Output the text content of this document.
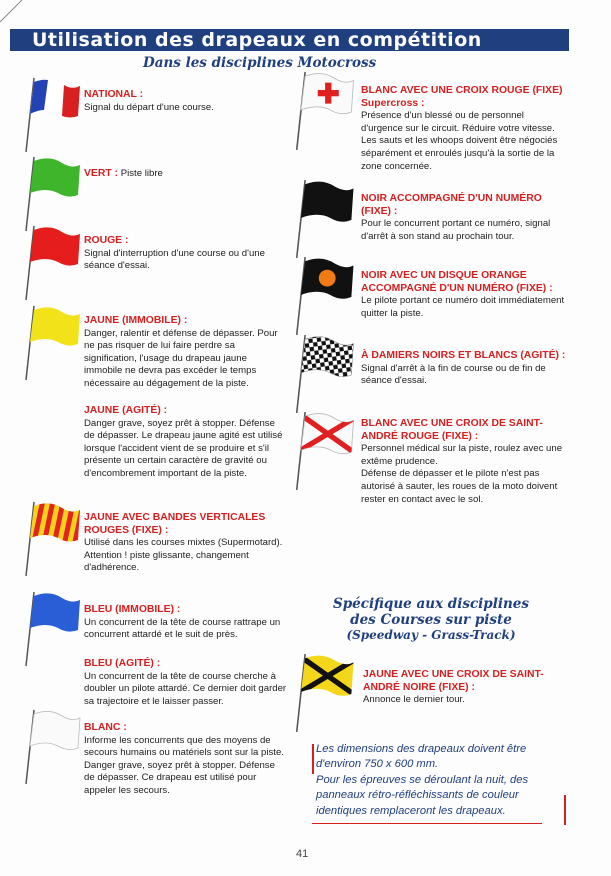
Utilisation des drapeaux en compétition
Dans les disciplines Motocross
NATIONAL :
Signal du départ d'une course.
VERT : Piste libre
ROUGE :
Signal d'interruption d'une course ou d'une séance d'essai.
JAUNE (IMMOBILE) :
Danger, ralentir et défense de dépasser. Pour ne pas risquer de lui faire perdre sa signification, l'usage du drapeau jaune immobile ne devra pas excéder le temps nécessaire au dégagement de la piste.
JAUNE (AGITÉ) :
Danger grave, soyez prêt à stopper. Défense de dépasser. Le drapeau jaune agité est utilisé lorsque l'accident vient de se produire et s'il présente un certain caractère de gravité ou d'encombrement important de la piste.
JAUNE AVEC BANDES VERTICALES ROUGES (FIXE) :
Utilisé dans les courses mixtes (Supermotard). Attention ! piste glissante, changement d'adhérence.
BLEU (IMMOBILE) :
Un concurrent de la tête de course rattrape un concurrent attardé et le suit de près.
BLEU (AGITÉ) :
Un concurrent de la tête de course cherche à doubler un pilote attardé. Ce dernier doit garder sa trajectoire et le laisser passer.
BLANC :
Informe les concurrents que des moyens de secours humains ou matériels sont sur la piste. Danger grave, soyez prêt à stopper. Défense de dépasser. Ce drapeau est utilisé pour appeler les secours.
BLANC AVEC UNE CROIX ROUGE (FIXE) Supercross :
Présence d'un blessé ou de personnel d'urgence sur le circuit. Réduire votre vitesse. Les sauts et les whoops doivent être négociés séparément et enroulés jusqu'à la sortie de la zone concernée.
NOIR ACCOMPAGNÉ D'UN NUMÉRO (FIXE) :
Pour le concurrent portant ce numéro, signal d'arrêt à son stand au prochain tour.
NOIR AVEC UN DISQUE ORANGE ACCOMPAGNÉ D'UN NUMÉRO (FIXE) :
Le pilote portant ce numéro doit immédiatement quitter la piste.
À DAMIERS NOIRS ET BLANCS (AGITÉ) :
Signal d'arrêt à la fin de course ou de fin de séance d'essai.
BLANC AVEC UNE CROIX DE SAINT-ANDRÉ ROUGE (FIXE) :
Personnel médical sur la piste, roulez avec une extême prudence.
Défense de dépasser et le pilote n'est pas autorisé à sauter, les roues de la moto doivent rester en contact avec le sol.
Spécifique aux disciplines
des Courses sur piste
(Speedway - Grass-Track)
JAUNE AVEC UNE CROIX DE SAINT-ANDRÉ NOIRE (FIXE) :
Annonce le dernier tour.
Les dimensions des drapeaux doivent être d'environ 750 x 600 mm.
Pour les épreuves se déroulant la nuit, des panneaux rétro-réfléchissants de couleur identiques remplaceront les drapeaux.
41
